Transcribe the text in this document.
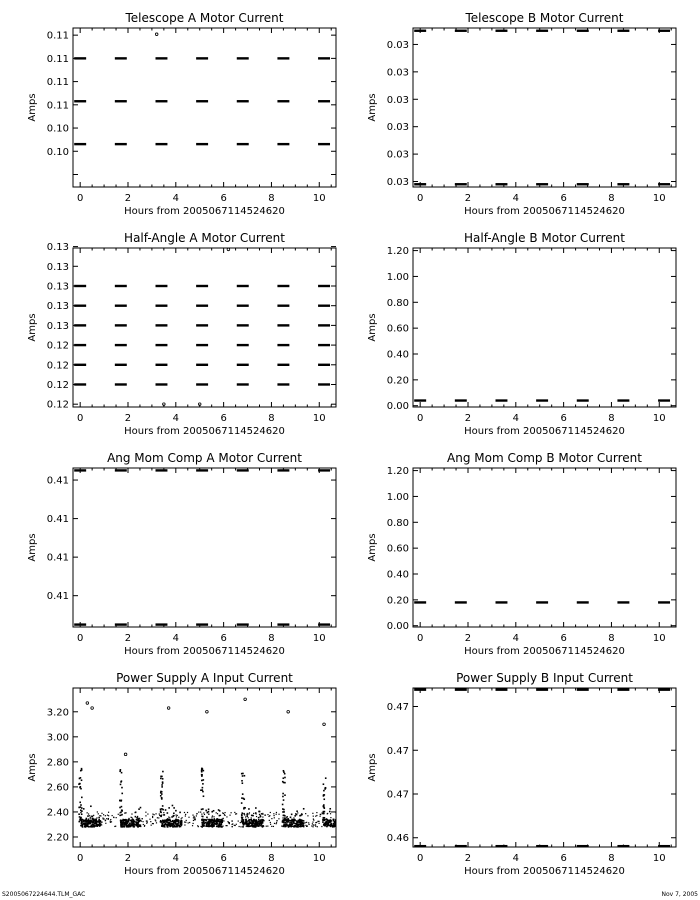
Telescope A Motor Current
0	2	4	6	8	10
0.10
0.10
0.11
0.11
0.11
0.11
Hours from 2005067114524620
Amps
Telescope B Motor Current
0	2	4	6	8	10
0.03
0.03
0.03
0.03
0.03
0.03
Hours from 2005067114524620
Amps
Half-Angle A Motor Current
0	2	4	6	8	10
0.12
0.12
0.12
0.12
0.13
0.13
0.13
0.13
0.13
Hours from 2005067114524620
Amps
Half-Angle B Motor Current
0	2	4	6	8	10
0.00
0.20
0.40
0.60
0.80
1.00
1.20
Hours from 2005067114524620
Amps
Ang Mom Comp A Motor Current
0	2	4	6	8	10
0.41
0.41
0.41
0.41
Hours from 2005067114524620
Amps
Ang Mom Comp B Motor Current
0	2	4	6	8	10
0.00
0.20
0.40
0.60
0.80
1.00
1.20
Hours from 2005067114524620
Amps
Power Supply A Input Current
0	2	4	6	8	10
2.20
2.40
2.60
2.80
3.00
3.20
Hours from 2005067114524620
Amps
Power Supply B Input Current
0	2	4	6	8	10
0.46
0.47
0.47
0.47
Hours from 2005067114524620
Amps
S2005067224644.TLM_GAC	Nov 7, 2005
